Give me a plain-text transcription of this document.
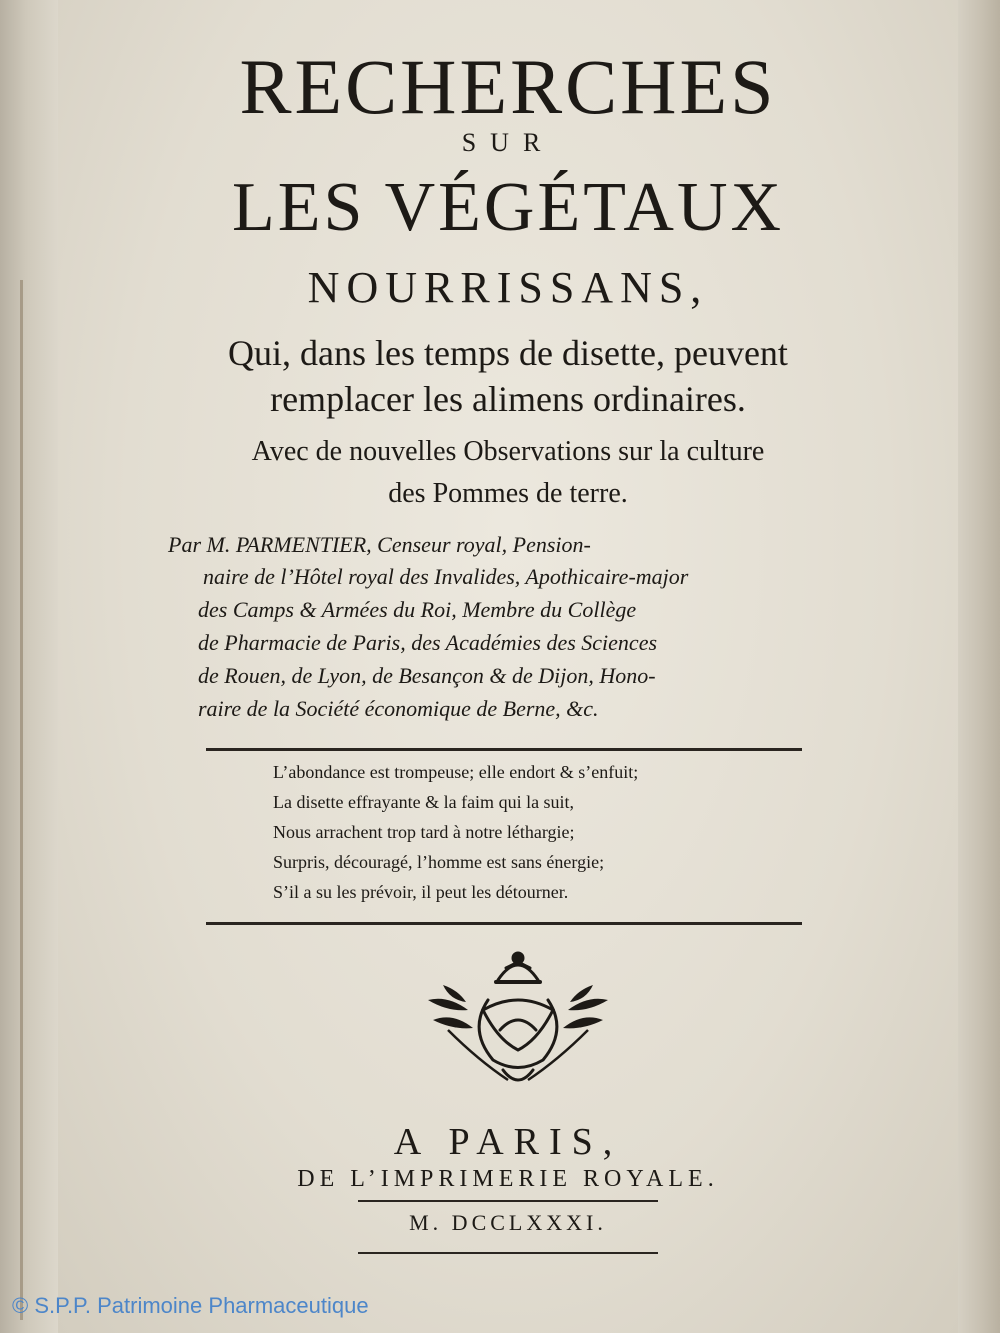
RECHERCHES
SUR
LES VÉGÉTAUX
NOURRISSANS,
Qui, dans les temps de disette, peuvent
remplacer les alimens ordinaires.
Avec de nouvelles Observations sur la culture
des Pommes de terre.
Par M. PARMENTIER, Censeur royal, Pension-
naire de l’Hôtel royal des Invalides, Apothicaire-major
des Camps & Armées du Roi, Membre du Collège
de Pharmacie de Paris, des Académies des Sciences
de Rouen, de Lyon, de Besançon & de Dijon, Hono-
raire de la Société économique de Berne, &c.
L’abondance est trompeuse; elle endort & s’enfuit;
La disette effrayante & la faim qui la suit,
Nous arrachent trop tard à notre léthargie;
Surpris, découragé, l’homme est sans énergie;
S’il a su les prévoir, il peut les détourner.
A PARIS,
DE L’IMPRIMERIE ROYALE.
M. DCCLXXXI.
© S.P.P. Patrimoine Pharmaceutique
